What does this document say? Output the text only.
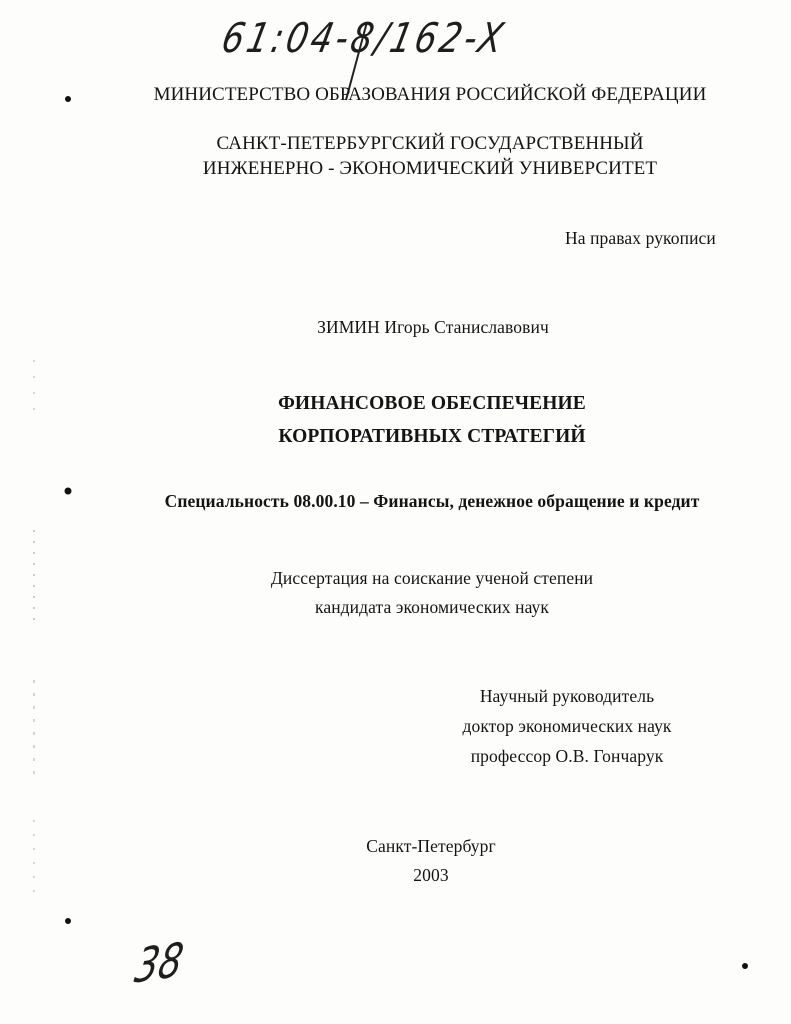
61:04-8/162-X
МИНИСТЕРСТВО ОБРАЗОВАНИЯ РОССИЙСКОЙ ФЕДЕРАЦИИ
САНКТ-ПЕТЕРБУРГСКИЙ ГОСУДАРСТВЕННЫЙ
ИНЖЕНЕРНО - ЭКОНОМИЧЕСКИЙ УНИВЕРСИТЕТ
На правах рукописи
ЗИМИН Игорь Станиславович
ФИНАНСОВОЕ ОБЕСПЕЧЕНИЕ
КОРПОРАТИВНЫХ СТРАТЕГИЙ
Специальность 08.00.10 – Финансы, денежное обращение и кредит
Диссертация на соискание ученой степени
кандидата экономических наук
Научный руководитель
доктор экономических наук
профессор О.В. Гончарук
Санкт-Петербург
2003
38
